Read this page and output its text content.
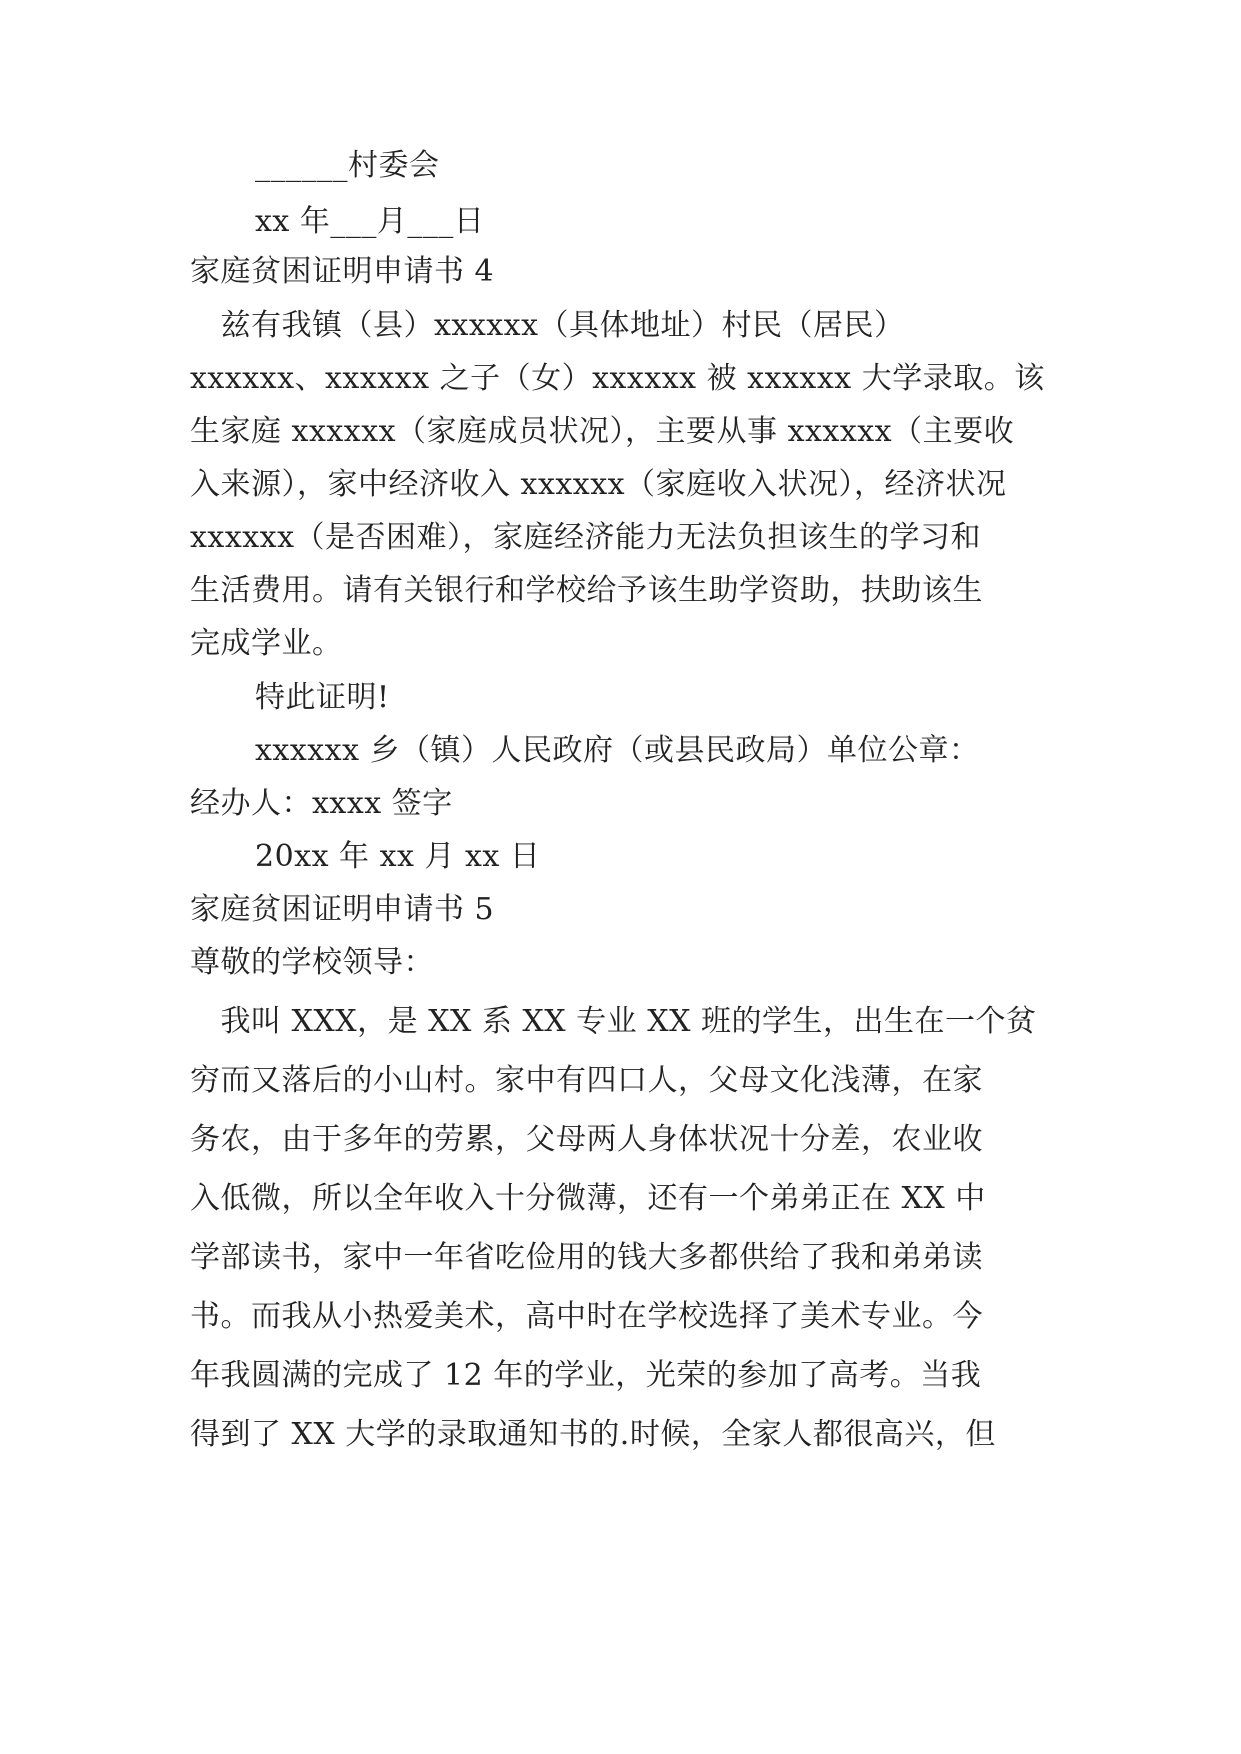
______村委会
xx 年___月___日
家庭贫困证明申请书 4
　兹有我镇（县）xxxxxx（具体地址）村民（居民）
xxxxxx、xxxxxx 之子（女）xxxxxx 被 xxxxxx 大学录取。该
生家庭 xxxxxx（家庭成员状况），主要从事 xxxxxx（主要收
入来源），家中经济收入 xxxxxx（家庭收入状况），经济状况
xxxxxx（是否困难），家庭经济能力无法负担该生的学习和
生活费用。请有关银行和学校给予该生助学资助，扶助该生
完成学业。
特此证明!
xxxxxx 乡（镇）人民政府（或县民政局）单位公章：
经办人：xxxx 签字
20xx 年 xx 月 xx 日
家庭贫困证明申请书 5
尊敬的学校领导：
　我叫 XXX，是 XX 系 XX 专业 XX 班的学生，出生在一个贫
穷而又落后的小山村。家中有四口人，父母文化浅薄，在家
务农，由于多年的劳累，父母两人身体状况十分差，农业收
入低微，所以全年收入十分微薄，还有一个弟弟正在 XX 中
学部读书，家中一年省吃俭用的钱大多都供给了我和弟弟读
书。而我从小热爱美术，高中时在学校选择了美术专业。今
年我圆满的完成了 12 年的学业，光荣的参加了高考。当我
得到了 XX 大学的录取通知书的.时候，全家人都很高兴，但
